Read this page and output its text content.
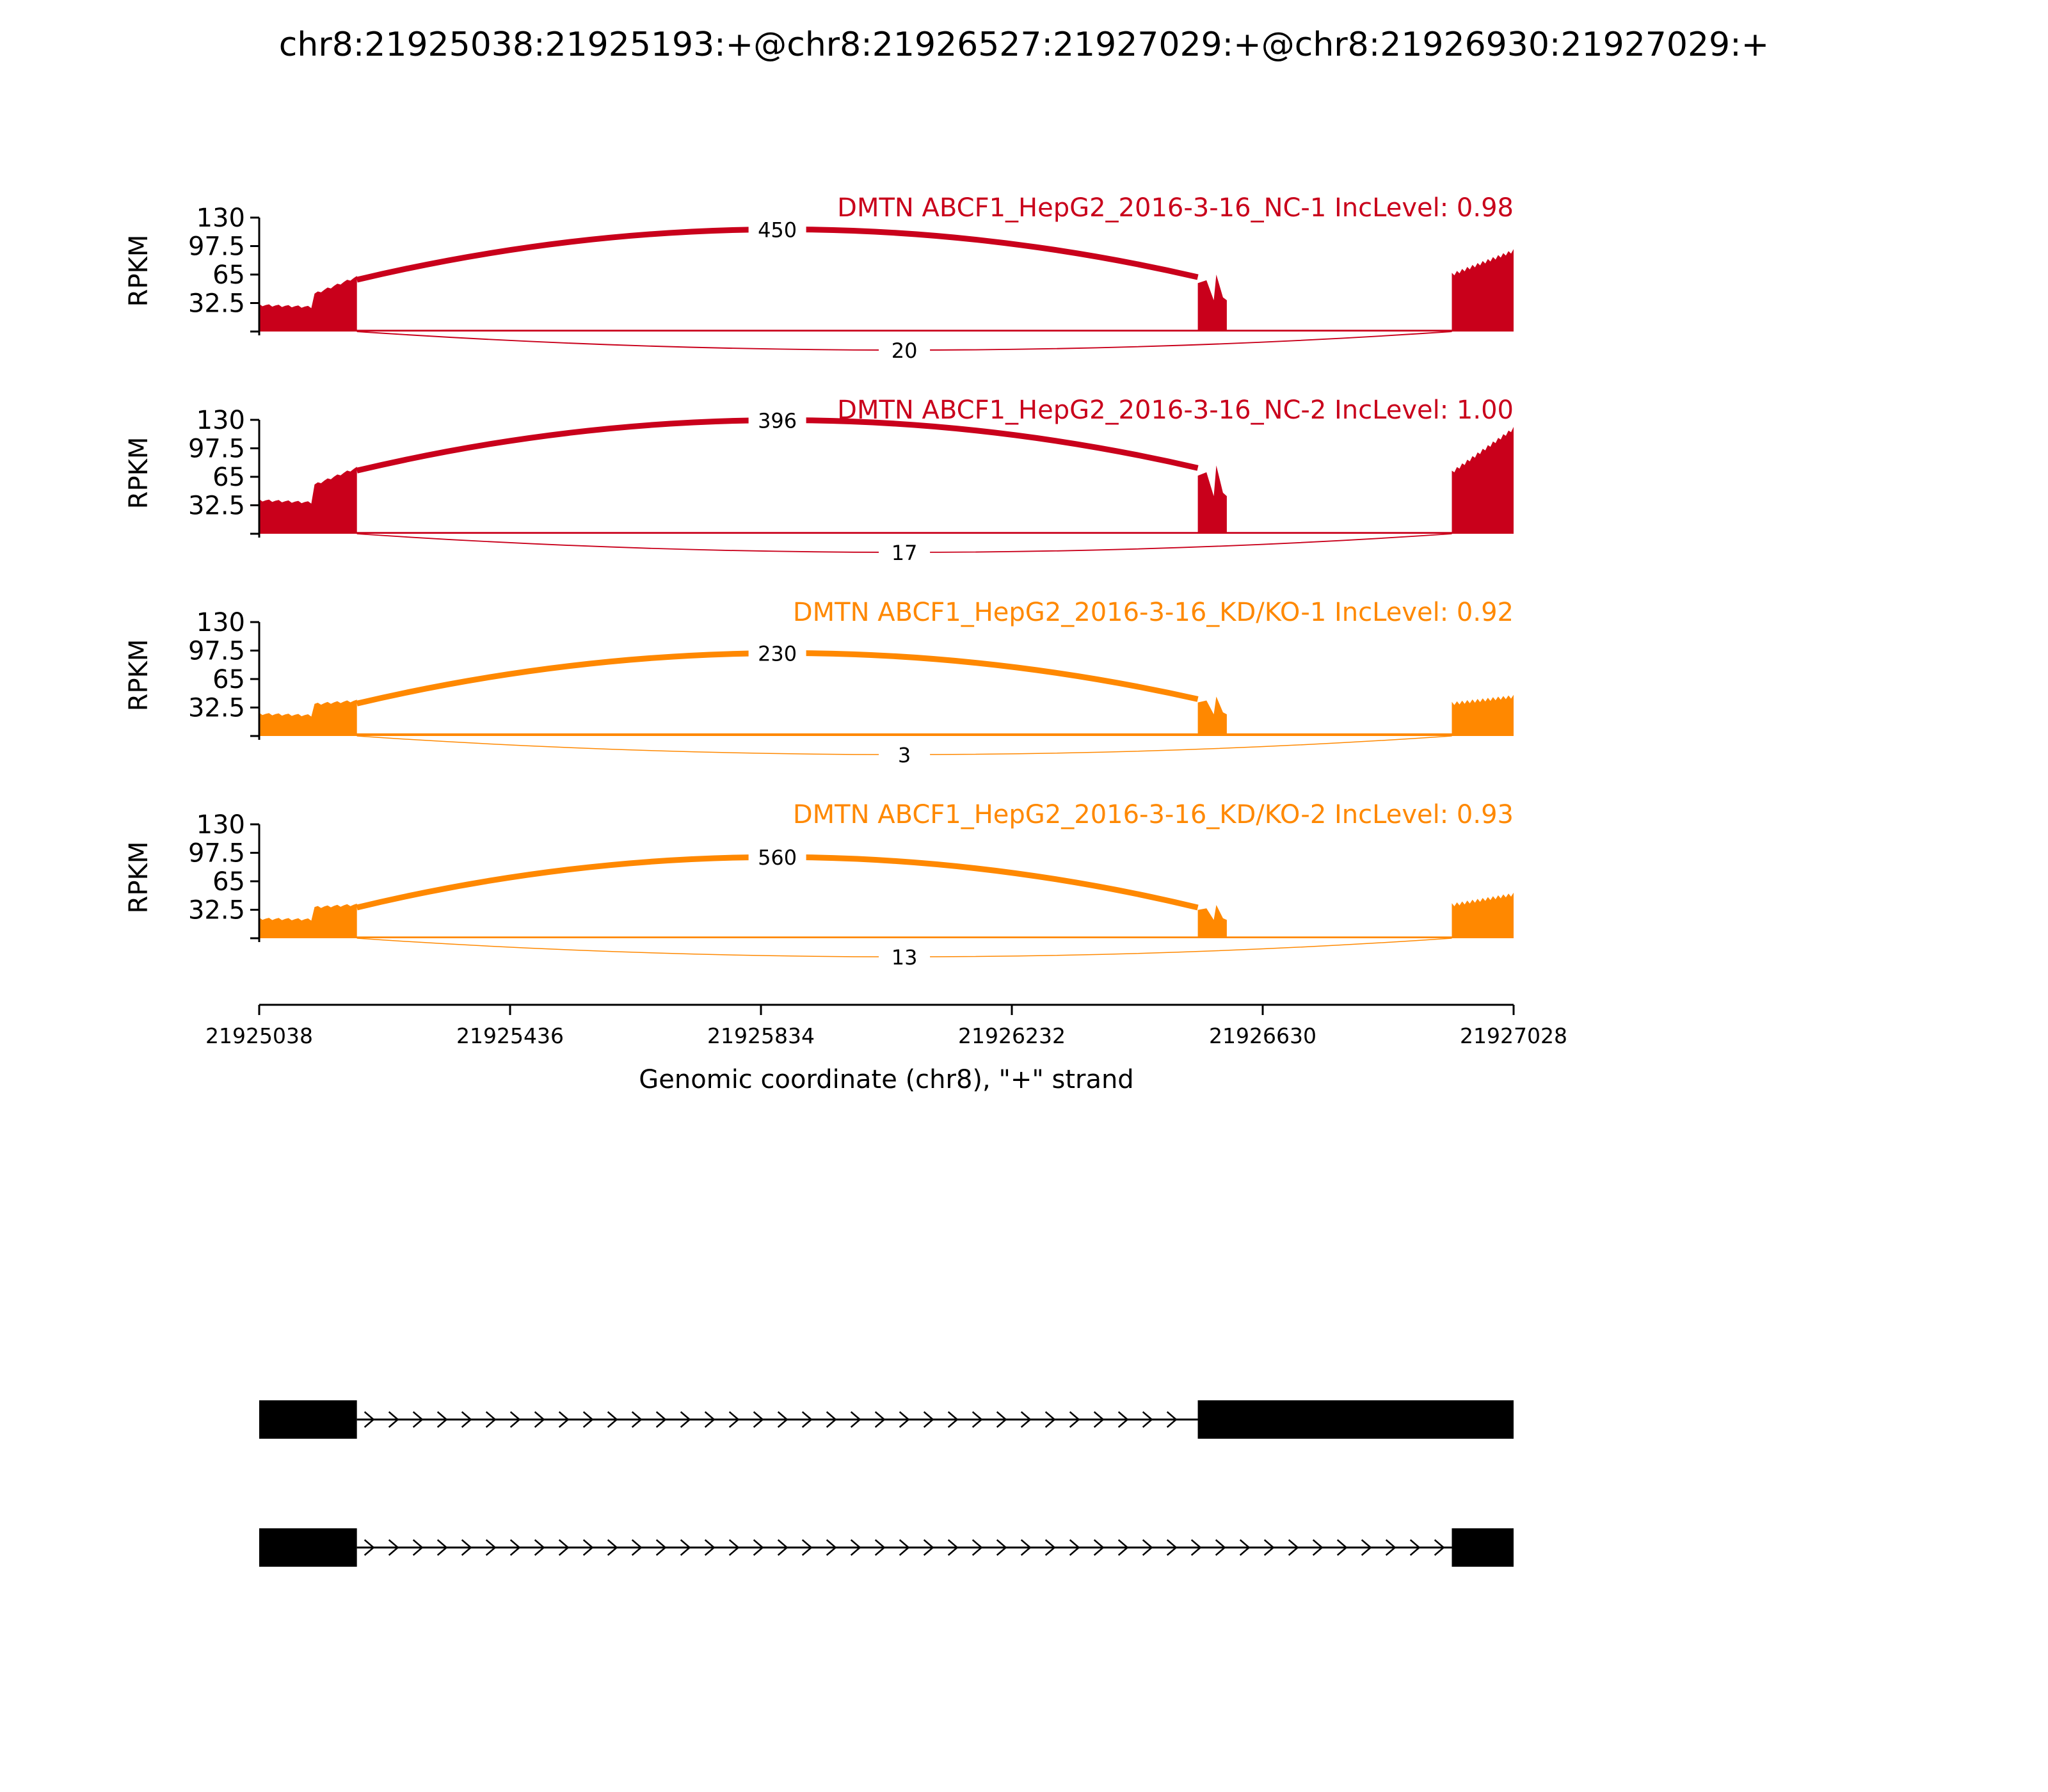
chr8:21925038:21925193:+@chr8:21926527:21927029:+@chr8:21926930:21927029:+
32.5
65
97.5
130
RPKM
DMTN ABCF1_HepG2_2016-3-16_NC-1 IncLevel: 0.98
450
20
32.5
65
97.5
130
RPKM
DMTN ABCF1_HepG2_2016-3-16_NC-2 IncLevel: 1.00
396
17
32.5
65
97.5
130
RPKM
DMTN ABCF1_HepG2_2016-3-16_KD/KO-1 IncLevel: 0.92
230
3
32.5
65
97.5
130
RPKM
DMTN ABCF1_HepG2_2016-3-16_KD/KO-2 IncLevel: 0.93
560
13
Genomic coordinate (chr8), "+" strand
21925038	21925436	21925834	21926232	21926630	21927028
